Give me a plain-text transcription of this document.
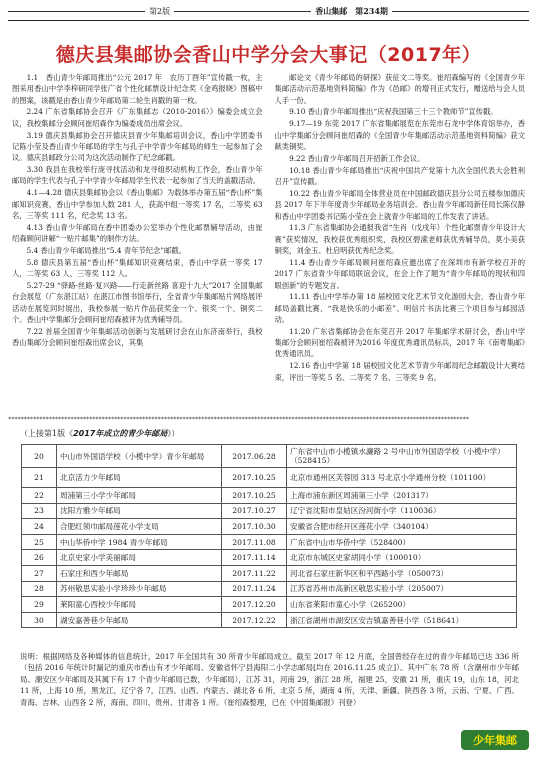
第2版	香山集邮	第234期
德庆县集邮协会香山中学分会大事记（2017年）

1.1　香山青少年邮局推出“公元 2017 年　农历丁酉年”宣传戳一枚，主图采用香山中学李梓研同学张广省个性化邮票设计纪念奖《金鸡报晓》图稿中的图案，该戳是由香山青少年邮局第二轮生肖戳的第一枚。

2.24 广东省集邮协会召开《广东集邮志（2010-2016）》编委会成立会议，我校集邮分会顾问崔绍森作为编委成员出席会议。

3.19 德庆县集邮协会召开德庆县青少年集邮培训会议，香山中学团委书记陈小莹及香山青少年邮局的学生与孔子中学青少年邮局的师生一起参加了会议。德庆县邮政分公司为这次活动制作了纪念邮戳。

3.30 我县在我校举行庞寻找活动和龙寻组织动机构工作会，香山青少年邮局的学生代表与孔子中学青少年邮局学生代表一起参加了当天的盖戳活动。

4.1—4.28 德庆县集邮协会以《香山集邮》为载体举办第五届“香山杯”集邮知识竞赛，香山中学参加人数 281 人，获高中组一等奖 17 名，二等奖 63 名，三等奖 111 名，纪念奖 13 名。

4.13 香山青少年邮局在香中团委办公室举办个性化邮票辅导活动，由崔绍森顾问讲解“一贴片邮集”的制作方法。

5.4 香山青少年邮局推出“5.4 青年节纪念”邮戳。

5.8 德庆县第五届“香山杯”集邮知识竞赛结束，香山中学获一等奖 17 人，二等奖 63 人，三等奖 112 人。

5.27-29 “驿路·丝路·复兴路——行走新丝路 喜迎十九大”2017 全国集邮台会展览（广东湛江站）在湛江市图书馆举行，全省青少年集邮贴片网络展评活动在展览同时展出，我校参展一贴片作品获奖金一个、银奖一个、铜奖二个。香山中学集邮分会顾问崔绍森被评为优秀辅导员。

7.22 首届全国青少年集邮活动创新与发展研讨会在山东济南举行，我校香山集邮分会顾问崔绍森出席会议，其集

邮论文《青少年邮局的研探》获征文二等奖。崔绍森编写的《全国青少年集邮活动示范基地资料简编》作为《邑邮》的增刊正式发行，赠送给与会人员人手一份。

9.10 香山青少年邮局推出“庆祝我国第三十三个教师节”宣传戳。

9.17—19 东莞 2017 广东省集邮展览在东莞市石龙中学体育馆举办，香山中学集邮分会顾问崔绍森的《全国青少年集邮活动示范基地资料简编》获文献类铜奖。

9.22 香山青少年邮局召开招新工作会议。

10.18 香山青少年邮局推出“庆祝中国共产党第十九次全国代表大会胜利召开”宣传戳。

10.22 香山青少年邮局全体营业员在中国邮政德庆县分公司五楼参加德庆县 2017 年下半年度青少年邮局业务培训会。香山青少年邮局新任局长陈仪静和香山中学团委书记陈小莹在会上就青少年邮局的工作发表了讲话。

11.3 广东省集邮协会通报我省“生肖（戊戌年）个性化邮票青少年设计大赛”获奖情况，我校获优秀组织奖，我校区碧潆老师获优秀辅导员，莫小美获铜奖，刘金玉、杜启明获优秀纪念奖。

11.4 香山青少年邮局顾问崔绍森应邀出席了在深圳市有新学校召开的 2017 广东省青少年邮局联谊会议，在会上作了题为“青少年邮局的现状和四眼创新”的专题发言。

11.11 香山中学举办第 18 届校园文化艺术节文化游园大会，香山青少年邮局盖戳比赛、“我是快乐的小邮差”、明信片书法比赛三个项目参与邮园活动。

11.20 广东省集邮协会在东莞召开 2017 年集邮学术研讨会，香山中学集邮分会顾问崔绍森被评为2016 年度优秀通讯员标兵，2017 年《南粤集邮》优秀通讯员。

12.16 香山中学第 18 届校园文化艺术节青少年邮局纪念邮戳设计大赛结束，评出一等奖 5 名、二等奖 7 名、三等奖 9 名。

****************************************************************************************************************************************************
（上接第1版《2017年成立的青少年邮局》）
20	中山市外国语学校（小榄中学）青少年邮局	2017.06.28	广东省中山市小榄镇水濂路 2 号中山市外国语学校（小榄中学）（528415）
21	北京活力少年邮局	2017.10.25	北京市通州区芙蓉园 313 号北京小学通州分校（101100）
22	周浦第三小学少年邮局	2017.10.25	上海市浦东新区周浦第三小学（201317）
23	沈阳方雅少年邮局	2017.10.27	辽宁省沈阳市皇姑区汾河街小学（110036）
24	合肥红领巾邮局莲花小学支局	2017.10.30	安徽省合肥市经开区莲花小学（340104）
25	中山华侨中学 1984 青少年邮局	2017.11.08	广东省中山市华侨中学（528400）
26	北京史家小学美丽邮局	2017.11.14	北京市东城区史家胡同小学（100010）
27	石家庄和西少年邮局	2017.11.22	河北省石家庄新华区和平西路小学（050073）
28	苏州敬思实验小学珍珍少年邮局	2017.11.24	江苏省苏州市高新区敬思实验小学（205007）
29	莱阳童心西校少年邮局	2017.12.20	山东省莱阳市童心小学（265200）
30	湖安嘉善巷少年邮局	2017.12.22	浙江省湖州市湖安区安吉镇嘉善巷小学（518641）
说明：根据网络及各种媒体的信息统计，2017 年全国共有 30 所青少年邮局成立。截至 2017 年 12 月底，全国曾经存在过的青少年邮局已达 336 所（包括 2016 年统计时漏记的重庆市香山有才少年邮局、安徽省怀宁县海阳二小学志邮局[均在 2016.11.25 成立]）。其中广东 78 所（含潮州市少年邮局、潮安区少年邮局及其属下有 17 个青少年邮局已数，少年邮局），江苏 31，河南 29，浙江 28 所，福建 25，安徽 21 所，重庆 19，山东 18，河北 11 所，上海 10 所，黑龙江，辽宁各 7，江西、山西、内蒙古、湖北各 6 所，北京 5 所，湖南 4 所，天津、新疆、陕西各 3 所，云南、宁夏、广西、青海、吉林、山西各 2 所，海南、四川、贵州、甘肃各 1 所。（崔绍森整理，已在《中国集邮报》刊登）
少年集邮
